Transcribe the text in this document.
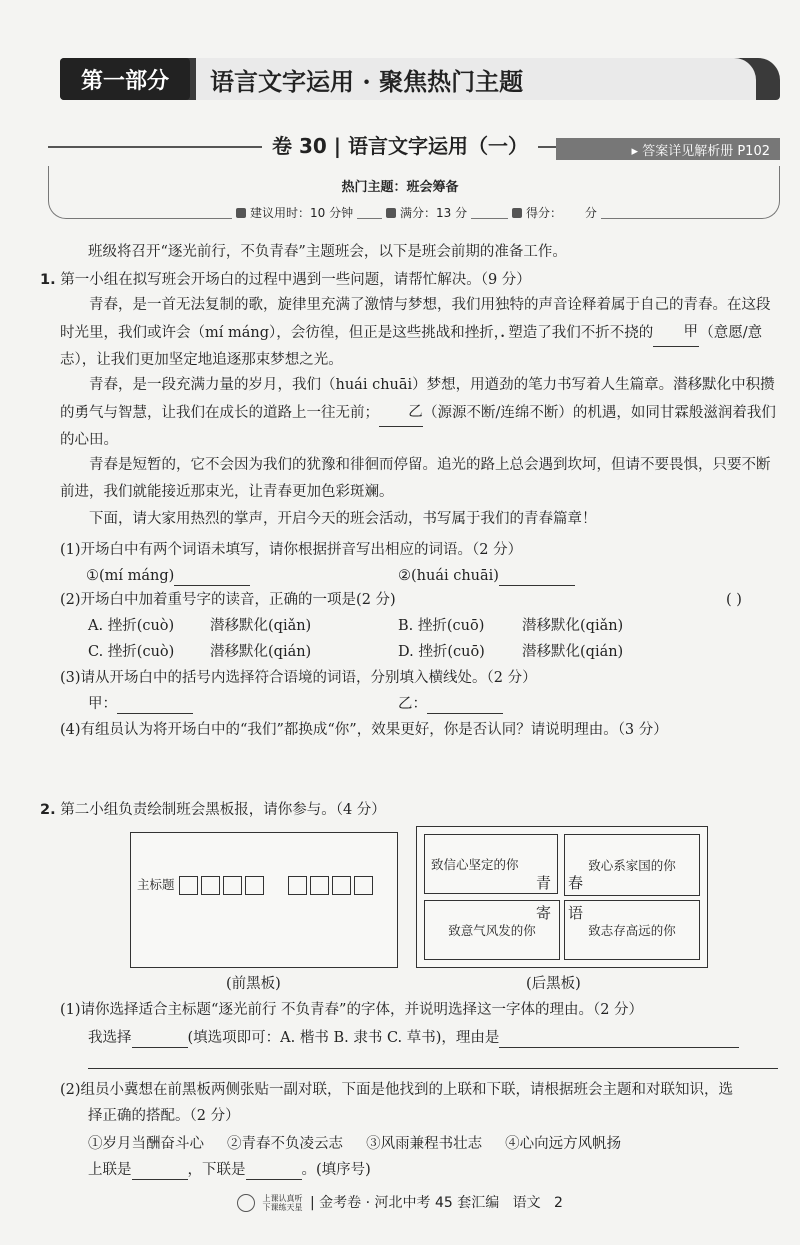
语言文字运用 · 聚焦热门主题
第一部分
卷 30 | 语言文字运用（一）	▸ 答案详见解析册 P102
热门主题：班会筹备
建议用时：10 分钟	满分：13 分	得分：      分
班级将召开“逐光前行，不负青春”主题班会，以下是班会前期的准备工作。
1. 第一小组在拟写班会开场白的过程中遇到一些问题，请帮忙解决。（9 分）
青春，是一首无法复制的歌，旋律里充满了激情与梦想，我们用独特的声音诠释着属于自己的青春。在这段时光里，我们或许会（mí máng），会彷徨，但正是这些挑战和挫 •折，塑造了我们不折不挠的 甲（意愿/意志），让我们更加坚定地追逐那束梦想之光。
青春，是一段充满力量的岁月，我们（huái chuāi）梦想，用遒劲的笔力书写着人生篇章。潜 •移默化中积攒的勇气与智慧，让我们在成长的道路上一往无前； 乙（源源不断/连绵不断）的机遇，如同甘霖般滋润着我们的心田。
青春是短暂的，它不会因为我们的犹豫和徘徊而停留。追光的路上总会遇到坎坷，但请不要畏惧，只要不断前进，我们就能接近那束光，让青春更加色彩斑斓。
下面，请大家用热烈的掌声，开启今天的班会活动，书写属于我们的青春篇章！
(1)开场白中有两个词语未填写，请你根据拼音写出相应的词语。（2 分）
①(mí máng)	②(huái chuāi)
(2)开场白中加着重号字的读音，正确的一项是(2 分)	( )
A. 挫折(cuò) 潜移默化(qiǎn)	B. 挫折(cuō)	潜移默化(qiǎn)
C. 挫折(cuò) 潜移默化(qián)	D. 挫折(cuō)	潜移默化(qián)
(3)请从开场白中的括号内选择符合语境的词语，分别填入横线处。（2 分）
甲：	乙：
(4)有组员认为将开场白中的“我们”都换成“你”，效果更好，你是否认同？请说明理由。（3 分）
2. 第二小组负责绘制班会黑板报，请你参与。（4 分）
主标题
(前黑板)
致信心坚定的你	致心系家国的你
致意气风发的你	致志存高远的你
青 春
寄 语
(后黑板)
(1)请你选择适合主标题“逐光前行 不负青春”的字体，并说明选择这一字体的理由。（2 分）
我选择	(填选项即可：A. 楷书 B. 隶书 C. 草书)，理由是
(2)组员小冀想在前黑板两侧张贴一副对联，下面是他找到的上联和下联，请根据班会主题和对联知识，选
择正确的搭配。（2 分）
①岁月当酬奋斗心     ②青春不负凌云志     ③风雨兼程书壮志     ④心向远方风帆扬
上联是	，下联是	。(填序号)
上课认真听 下课练天星 | 金考卷 · 河北中考 45 套汇编 语文 2
